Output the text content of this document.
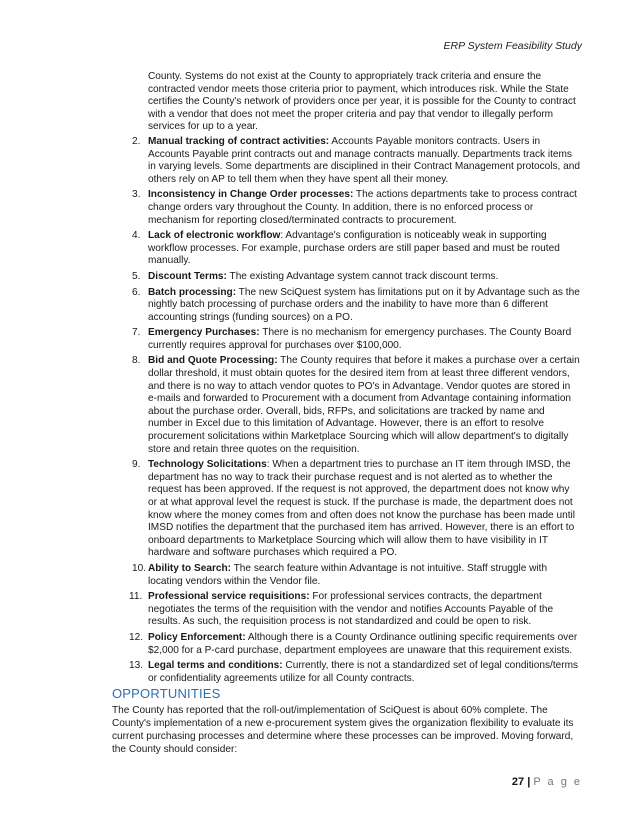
ERP System Feasibility Study

County. Systems do not exist at the County to appropriately track criteria and ensure the contracted vendor meets those criteria prior to payment, which introduces risk. While the State certifies the County's network of providers once per year, it is possible for the County to contract with a vendor that does not meet the proper criteria and pay that vendor to illegally perform services for up to a year.

2. Manual tracking of contract activities: Accounts Payable monitors contracts. Users in Accounts Payable print contracts out and manage contracts manually. Departments track items in varying levels. Some departments are disciplined in their Contract Management protocols, and others rely on AP to tell them when they have spent all their money.
3. Inconsistency in Change Order processes: The actions departments take to process contract change orders vary throughout the County. In addition, there is no enforced process or mechanism for reporting closed/terminated contracts to procurement.
4. Lack of electronic workflow: Advantage's configuration is noticeably weak in supporting workflow processes. For example, purchase orders are still paper based and must be routed manually.
5. Discount Terms: The existing Advantage system cannot track discount terms.
6. Batch processing: The new SciQuest system has limitations put on it by Advantage such as the nightly batch processing of purchase orders and the inability to have more than 6 different accounting strings (funding sources) on a PO.
7. Emergency Purchases: There is no mechanism for emergency purchases. The County Board currently requires approval for purchases over $100,000.
8. Bid and Quote Processing: The County requires that before it makes a purchase over a certain dollar threshold, it must obtain quotes for the desired item from at least three different vendors, and there is no way to attach vendor quotes to PO's in Advantage. Vendor quotes are stored in e-mails and forwarded to Procurement with a document from Advantage containing information about the purchase order. Overall, bids, RFPs, and solicitations are tracked by name and number in Excel due to this limitation of Advantage. However, there is an effort to resolve procurement solicitations within Marketplace Sourcing which will allow department's to digitally store and retain three quotes on the requisition.
9. Technology Solicitations: When a department tries to purchase an IT item through IMSD, the department has no way to track their purchase request and is not alerted as to whether the request has been approved. If the request is not approved, the department does not know why or at what approval level the request is stuck. If the purchase is made, the department does not know where the money comes from and often does not know the purchase has been made until IMSD notifies the department that the purchased item has arrived. However, there is an effort to onboard departments to Marketplace Sourcing which will allow them to have visibility in IT hardware and software purchases which required a PO.
10. Ability to Search: The search feature within Advantage is not intuitive. Staff struggle with locating vendors within the Vendor file.
11. Professional service requisitions: For professional services contracts, the department negotiates the terms of the requisition with the vendor and notifies Accounts Payable of the results. As such, the requisition process is not standardized and could be open to risk.
12. Policy Enforcement: Although there is a County Ordinance outlining specific requirements over $2,000 for a P-card purchase, department employees are unaware that this requirement exists.
13. Legal terms and conditions: Currently, there is not a standardized set of legal conditions/terms or confidentiality agreements utilize for all County contracts.
OPPORTUNITIES
The County has reported that the roll-out/implementation of SciQuest is about 60% complete. The County's implementation of a new e-procurement system gives the organization flexibility to evaluate its current purchasing processes and determine where these processes can be improved. Moving forward, the County should consider:
27 | P a g e
